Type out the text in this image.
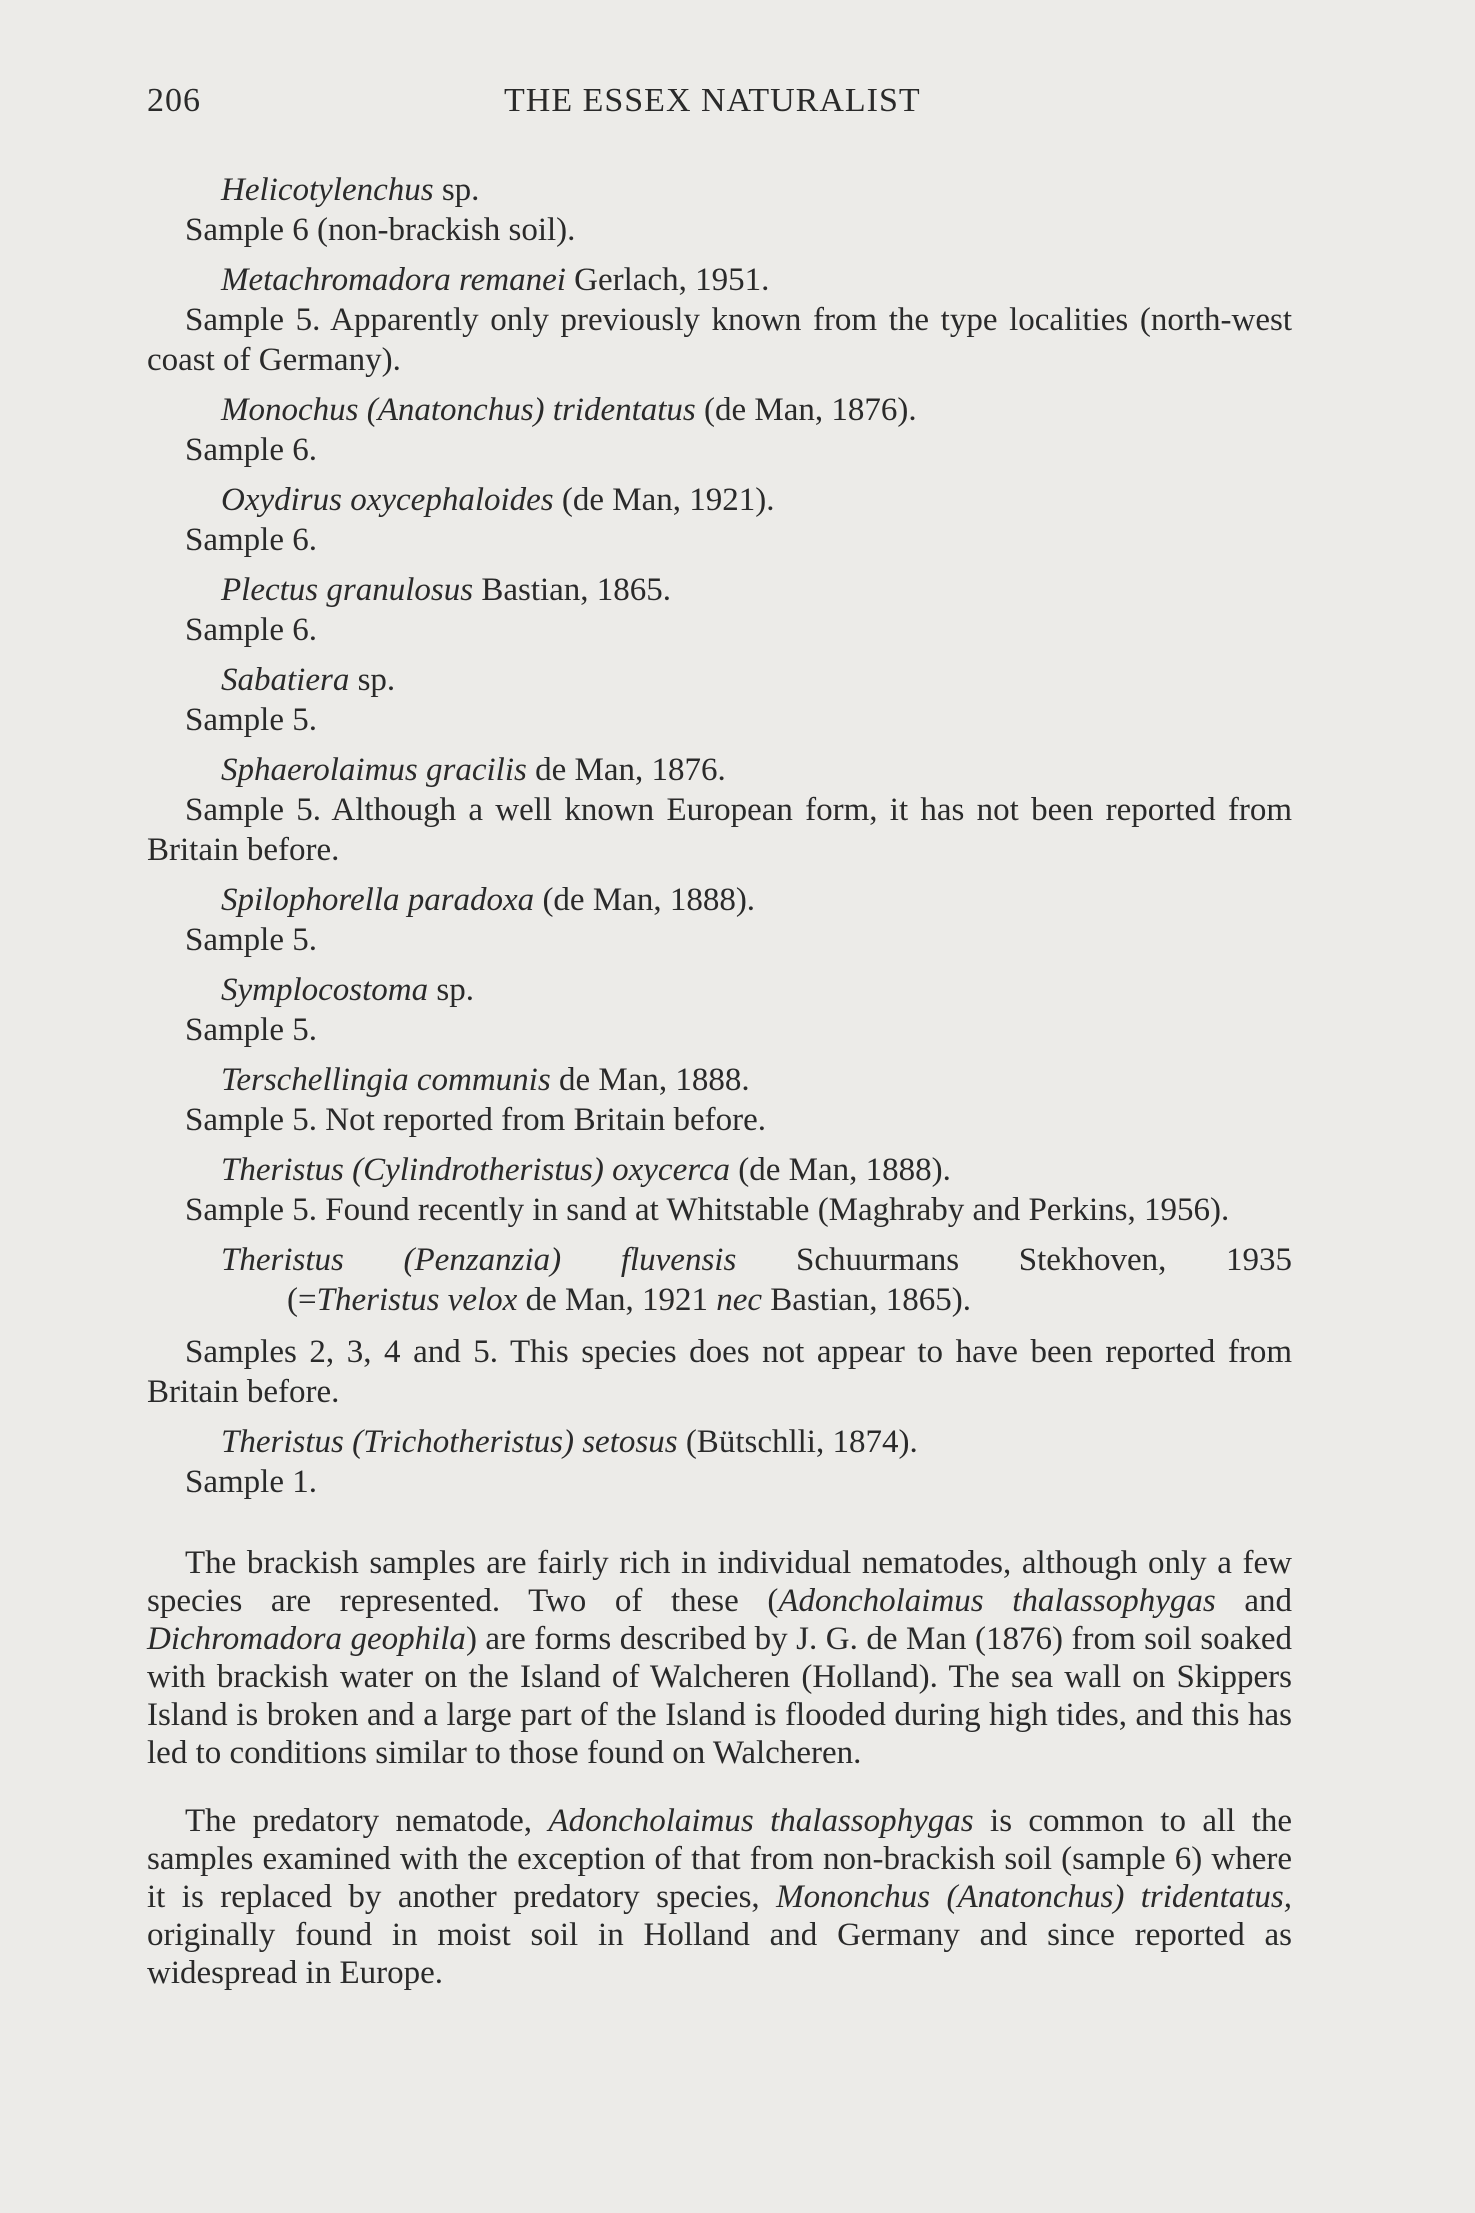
206	THE ESSEX NATURALIST

Helicotylenchus sp.
Sample 6 (non-brackish soil).

Metachromadora remanei Gerlach, 1951.
Sample 5. Apparently only previously known from the type localities (north-west coast of Germany).

Monochus (Anatonchus) tridentatus (de Man, 1876).
Sample 6.

Oxydirus oxycephaloides (de Man, 1921).
Sample 6.

Plectus granulosus Bastian, 1865.
Sample 6.

Sabatiera sp.
Sample 5.

Sphaerolaimus gracilis de Man, 1876.
Sample 5. Although a well known European form, it has not been reported from Britain before.

Spilophorella paradoxa (de Man, 1888).
Sample 5.

Symplocostoma sp.
Sample 5.

Terschellingia communis de Man, 1888.
Sample 5. Not reported from Britain before.

Theristus (Cylindrotheristus) oxycerca (de Man, 1888).
Sample 5. Found recently in sand at Whitstable (Maghraby and Perkins, 1956).

Theristus (Penzanzia) fluvensis Schuurmans Stekhoven, 1935
(=Theristus velox de Man, 1921 nec Bastian, 1865).
Samples 2, 3, 4 and 5. This species does not appear to have been reported from Britain before.

Theristus (Trichotheristus) setosus (Bütschlli, 1874).
Sample 1.

The brackish samples are fairly rich in individual nematodes, although only a few species are represented. Two of these (Adoncholaimus thalassophygas and Dichromadora geophila) are forms described by J. G. de Man (1876) from soil soaked with brackish water on the Island of Walcheren (Holland). The sea wall on Skippers Island is broken and a large part of the Island is flooded during high tides, and this has led to conditions similar to those found on Walcheren.

The predatory nematode, Adoncholaimus thalassophygas is common to all the samples examined with the exception of that from non-brackish soil (sample 6) where it is replaced by another predatory species, Mononchus (Anatonchus) tridentatus, originally found in moist soil in Holland and Germany and since reported as widespread in Europe.
